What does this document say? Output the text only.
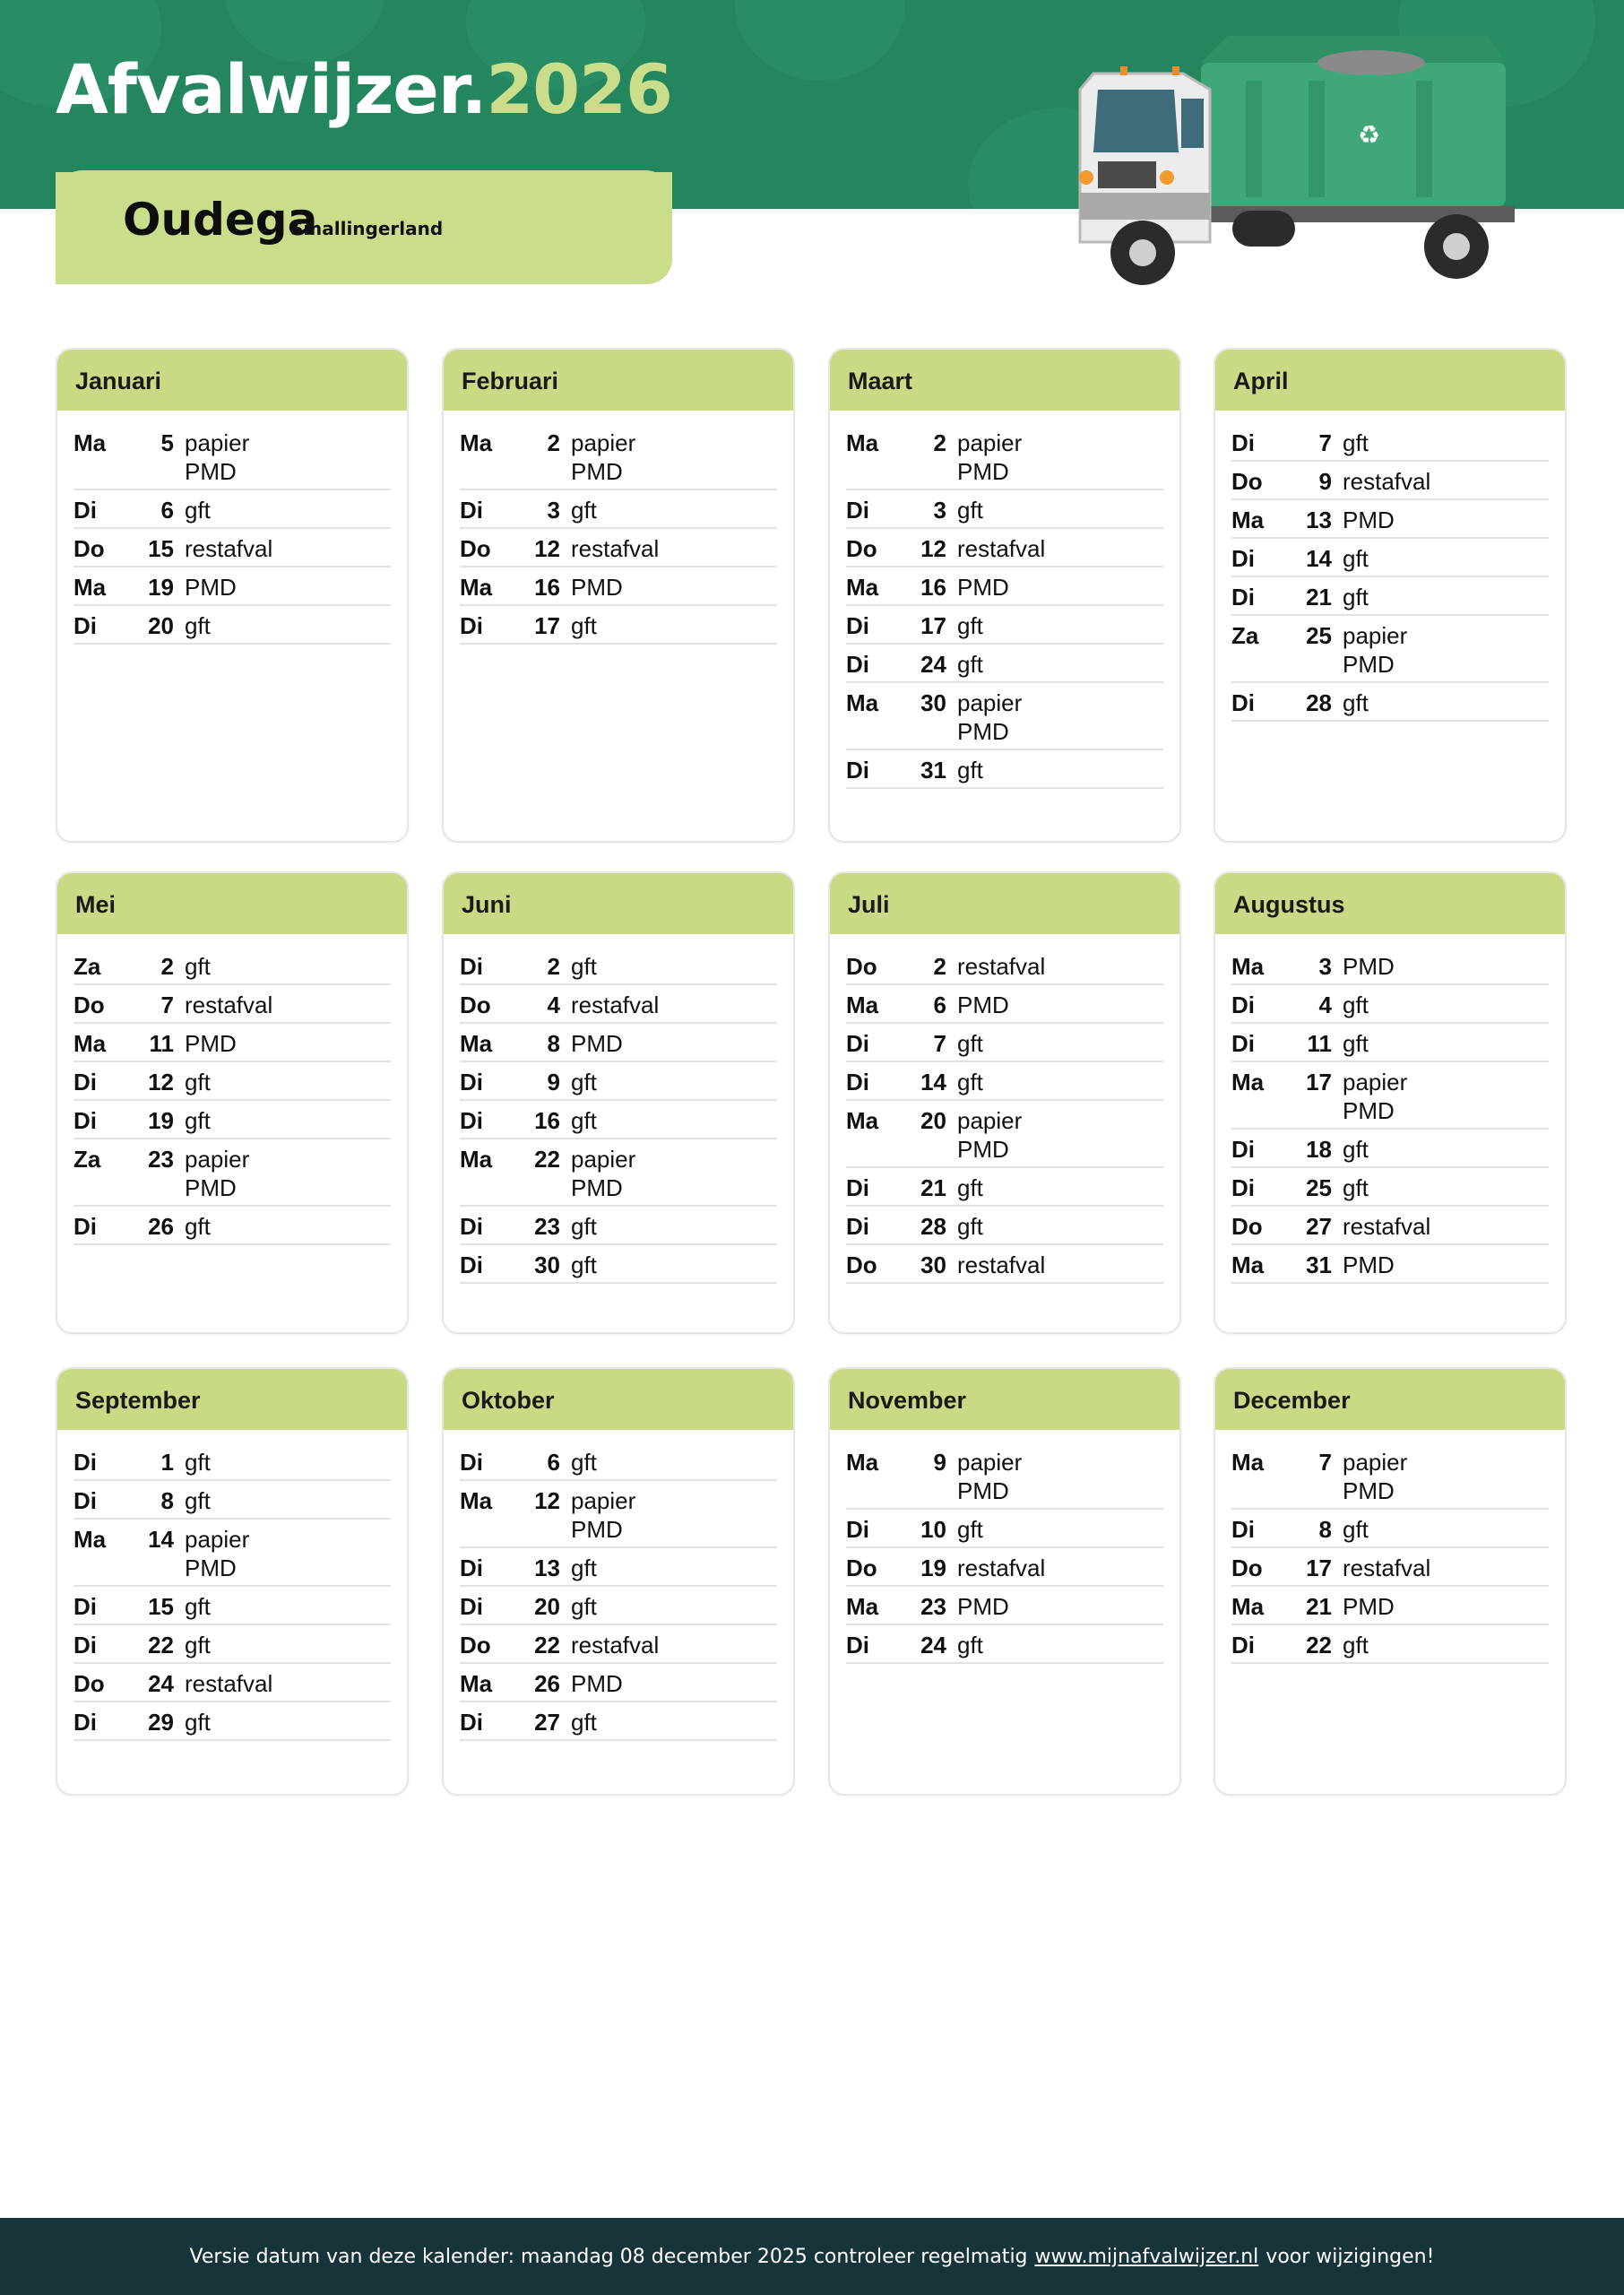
Afvalwijzer.2026
Oudega
Smallingerland
♻
Januari
Ma	5 papier
PMD
Di	6 gft
Do	15 restafval
Ma	19 PMD
Di	20 gft
Februari
Ma	2 papier
PMD
Di	3 gft
Do	12 restafval
Ma	16 PMD
Di	17 gft
Maart
Ma	2 papier
PMD
Di	3 gft
Do	12 restafval
Ma	16 PMD
Di	17 gft
Di	24 gft
Ma	30 papier
PMD
Di	31 gft
April
Di	7 gft
Do	9 restafval
Ma	13 PMD
Di	14 gft
Di	21 gft
Za	25 papier
PMD
Di	28 gft
Mei
Za	2 gft
Do	7 restafval
Ma	11 PMD
Di	12 gft
Di	19 gft
Za	23 papier
PMD
Di	26 gft
Juni
Di	2 gft
Do	4 restafval
Ma	8 PMD
Di	9 gft
Di	16 gft
Ma	22 papier
PMD
Di	23 gft
Di	30 gft
Juli
Do	2 restafval
Ma	6 PMD
Di	7 gft
Di	14 gft
Ma	20 papier
PMD
Di	21 gft
Di	28 gft
Do	30 restafval
Augustus
Ma	3 PMD
Di	4 gft
Di	11 gft
Ma	17 papier
PMD
Di	18 gft
Di	25 gft
Do	27 restafval
Ma	31 PMD
September
Di	1 gft
Di	8 gft
Ma	14 papier
PMD
Di	15 gft
Di	22 gft
Do	24 restafval
Di	29 gft
Oktober
Di	6 gft
Ma	12 papier
PMD
Di	13 gft
Di	20 gft
Do	22 restafval
Ma	26 PMD
Di	27 gft
November
Ma	9 papier
PMD
Di	10 gft
Do	19 restafval
Ma	23 PMD
Di	24 gft
December
Ma	7 papier
PMD
Di	8 gft
Do	17 restafval
Ma	21 PMD
Di	22 gft
Versie datum van deze kalender: maandag 08 december 2025 controleer regelmatig www.mijnafvalwijzer.nl voor wijzigingen!
